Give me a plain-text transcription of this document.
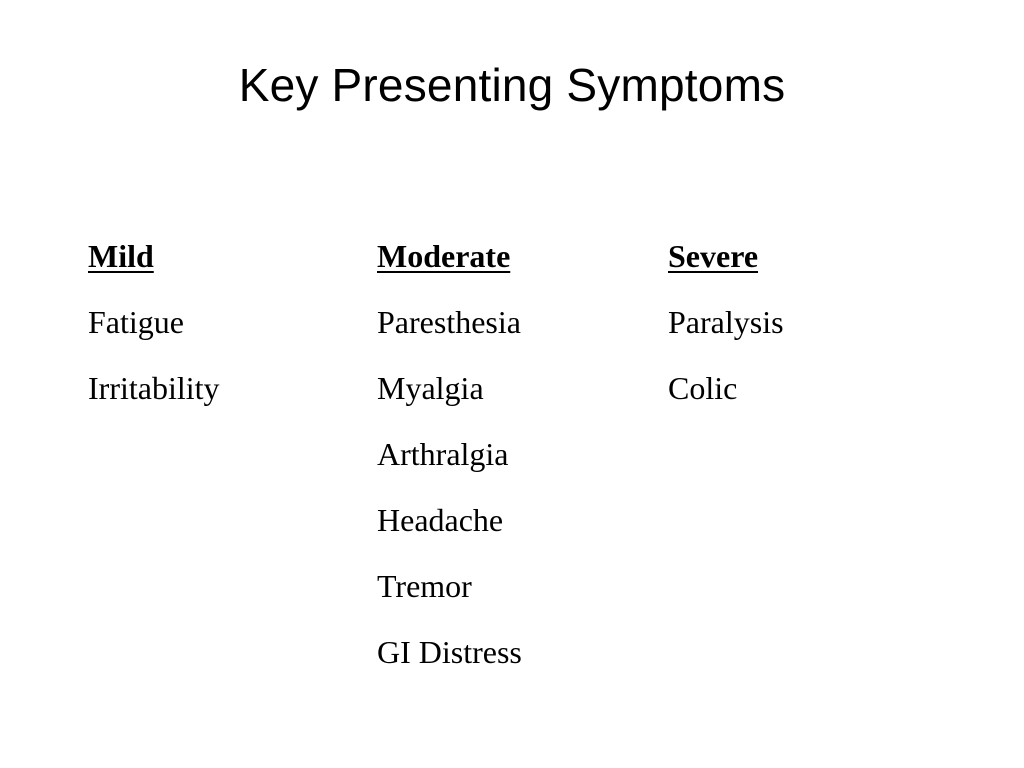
Key Presenting Symptoms
Mild
Fatigue
Irritability
Moderate
Paresthesia
Myalgia
Arthralgia
Headache
Tremor
GI Distress
Severe
Paralysis
Colic
